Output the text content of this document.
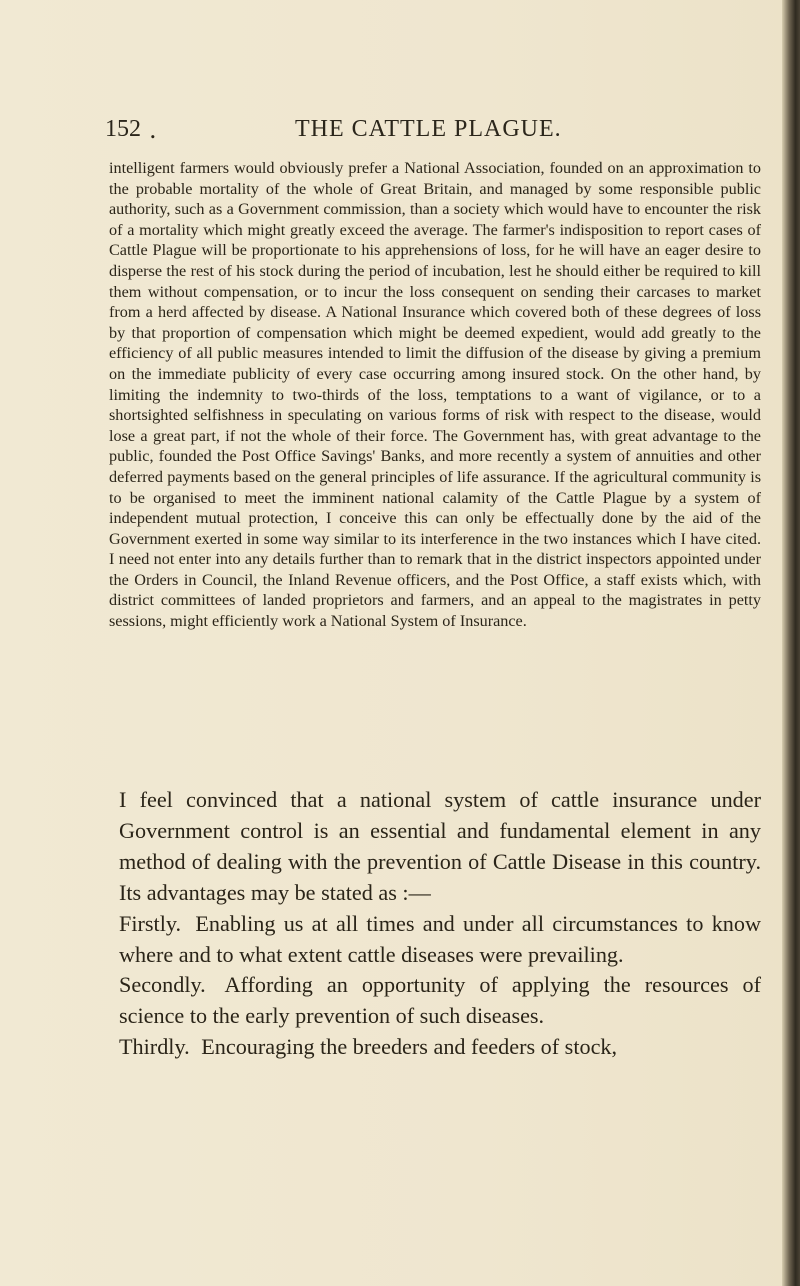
152 .	THE CATTLE PLAGUE.

intelligent farmers would obviously prefer a National Association, founded on an approximation to the probable mortality of the whole of Great Britain, and managed by some responsible public authority, such as a Government commission, than a society which would have to encounter the risk of a mortality which might greatly exceed the average. The farmer's indisposition to report cases of Cattle Plague will be proportionate to his apprehensions of loss, for he will have an eager desire to disperse the rest of his stock during the period of incubation, lest he should either be required to kill them without compensation, or to incur the loss consequent on sending their carcases to market from a herd affected by disease. A National Insurance which covered both of these degrees of loss by that proportion of compensation which might be deemed expedient, would add greatly to the efficiency of all public measures intended to limit the diffusion of the disease by giving a premium on the immediate publicity of every case occurring among insured stock. On the other hand, by limiting the indemnity to two-thirds of the loss, temptations to a want of vigilance, or to a shortsighted selfishness in speculating on various forms of risk with respect to the disease, would lose a great part, if not the whole of their force. The Government has, with great advantage to the public, founded the Post Office Savings' Banks, and more recently a system of annuities and other deferred payments based on the general principles of life assurance. If the agricultural community is to be organised to meet the imminent national calamity of the Cattle Plague by a system of independent mutual protection, I conceive this can only be effectually done by the aid of the Government exerted in some way similar to its interference in the two instances which I have cited. I need not enter into any details further than to remark that in the district inspectors appointed under the Orders in Council, the Inland Revenue officers, and the Post Office, a staff exists which, with district committees of landed proprietors and farmers, and an appeal to the magistrates in petty sessions, might efficiently work a National System of Insurance.

I feel convinced that a national system of cattle insurance under Government control is an essential and fundamental element in any method of dealing with the prevention of Cattle Disease in this country. Its advantages may be stated as :—

Firstly. Enabling us at all times and under all circumstances to know where and to what extent cattle diseases were prevailing.

Secondly. Affording an opportunity of applying the resources of science to the early prevention of such diseases.

Thirdly. Encouraging the breeders and feeders of stock,
